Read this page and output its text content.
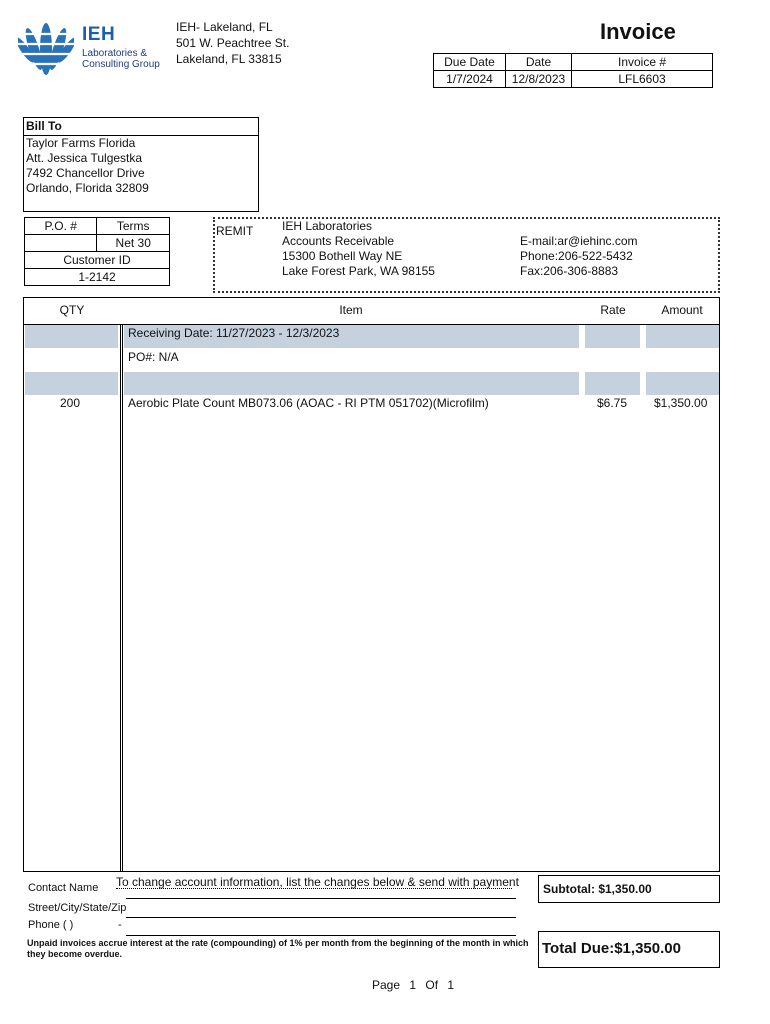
IEH
Laboratories &
Consulting Group
IEH- Lakeland, FL
501 W. Peachtree St.
Lakeland, FL 33815
Invoice
Due Date	Date	Invoice #
1/7/2024	12/8/2023	LFL6603
Bill To
Taylor Farms Florida
Att. Jessica Tulgestka
7492 Chancellor Drive
Orlando, Florida 32809
P.O. #	Terms
	Net 30
Customer ID	
1-2142	
REMIT IEH Laboratories
Accounts Receivable
15300 Bothell Way NE
Lake Forest Park, WA 98155
E-mail:ar@iehinc.com
Phone:206-522-5432
Fax:206-306-8883
QTY	Item	Rate	Amount
Receiving Date: 11/27/2023 - 12/3/2023
PO#: N/A
200	Aerobic Plate Count MB073.06 (AOAC - RI PTM 051702)(Microfilm)	$6.75 $1,350.00
To change account information, list the changes below & send with payment
Contact Name
Street/City/State/Zip
Phone ( )	-
Unpaid invoices accrue interest at the rate (compounding) of 1% per month from the beginning of the month in which they become overdue.
Subtotal: $1,350.00
Total Due:$1,350.00
Page 1 Of 1
